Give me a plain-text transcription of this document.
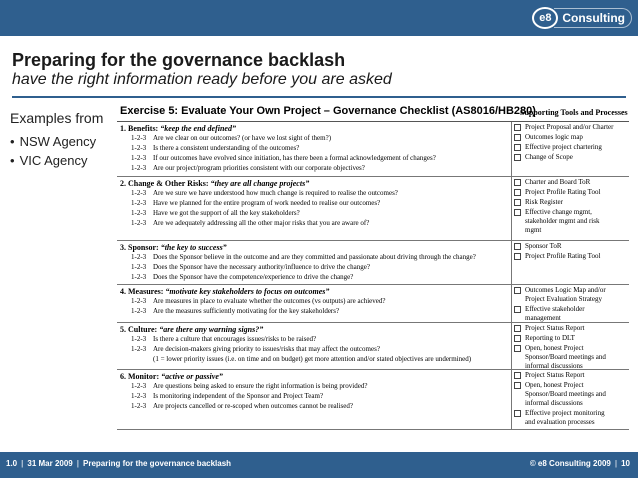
e8 Consulting
Preparing for the governance backlash
have the right information ready before you are asked
Examples from
• NSW Agency
• VIC Agency
Exercise 5: Evaluate Your Own Project – Governance Checklist (AS8016/HB280)
Supporting Tools and Processes
1. Benefits: “keep the end defined”
1-2-3 Are we clear on our outcomes? (or have we lost sight of them?)
1-2-3 Is there a consistent understanding of the outcomes?
1-2-3 If our outcomes have evolved since initiation, has there been a formal acknowledgement of changes?
1-2-3 Are our project/program priorities consistent with our corporate objectives?
Project Proposal and/or Charter
Outcomes logic map
Effective project chartering
Change of Scope
2. Change & Other Risks: “they are all change projects”
1-2-3 Are we sure we have understood how much change is required to realise the outcomes?
1-2-3 Have we planned for the entire program of work needed to realise our outcomes?
1-2-3 Have we got the support of all the key stakeholders?
1-2-3 Are we adequately addressing all the other major risks that you are aware of?
Charter and Board ToR
Project Profile Rating Tool
Risk Register
Effective change mgmt,
stakeholder mgmt and risk
mgmt
3. Sponsor: “the key to success”
1-2-3 Does the Sponsor believe in the outcome and are they committed and passionate about driving through the change?
1-2-3 Does the Sponsor have the necessary authority/influence to drive the change?
1-2-3 Does the Sponsor have the competence/experience to drive the change?
Sponsor ToR
Project Profile Rating Tool
4. Measures: “motivate key stakeholders to focus on outcomes”
1-2-3 Are measures in place to evaluate whether the outcomes (vs outputs) are achieved?
1-2-3 Are the measures sufficiently motivating for the key stakeholders?
Outcomes Logic Map and/or
Project Evaluation Strategy
Effective stakeholder
management
5. Culture: “are there any warning signs?”
1-2-3 Is there a culture that encourages issues/risks to be raised?
1-2-3 Are decision-makers giving priority to issues/risks that may affect the outcomes?
(1 = lower priority issues (i.e. on time and on budget) get more attention and/or stated objectives are undermined)
Project Status Report
Reporting to DLT
Open, honest Project
Sponsor/Board meetings and
informal discussions
6. Monitor: “active or passive”
1-2-3 Are questions being asked to ensure the right information is being provided?
1-2-3 Is monitoring independent of the Sponsor and Project Team?
1-2-3 Are projects cancelled or re-scoped when outcomes cannot be realised?
Project Status Report
Open, honest Project
Sponsor/Board meetings and
informal discussions
Effective project monitoring
and evaluation processes
1.0 | 31 Mar 2009 | Preparing for the governance backlash	© e8 Consulting 2009 | 10
